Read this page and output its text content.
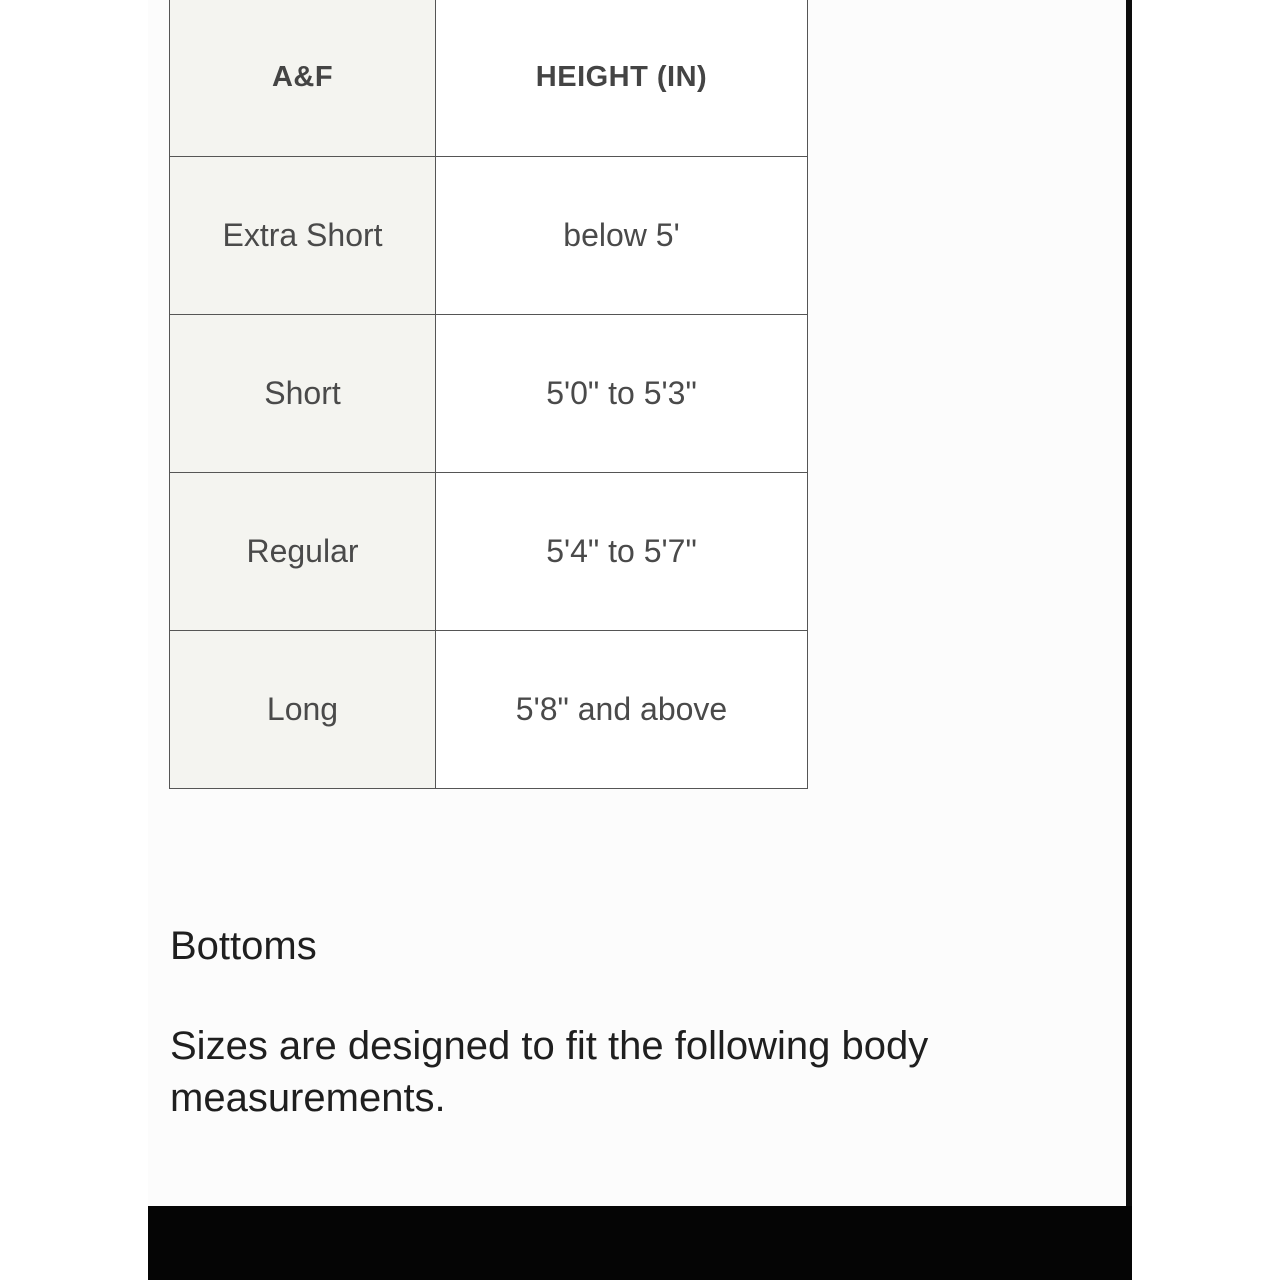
A&F	HEIGHT (IN)
Extra Short	below 5'
Short	5'0" to 5'3"
Regular	5'4" to 5'7"
Long	5'8" and above
Bottoms

Sizes are designed to fit the following body measurements.
